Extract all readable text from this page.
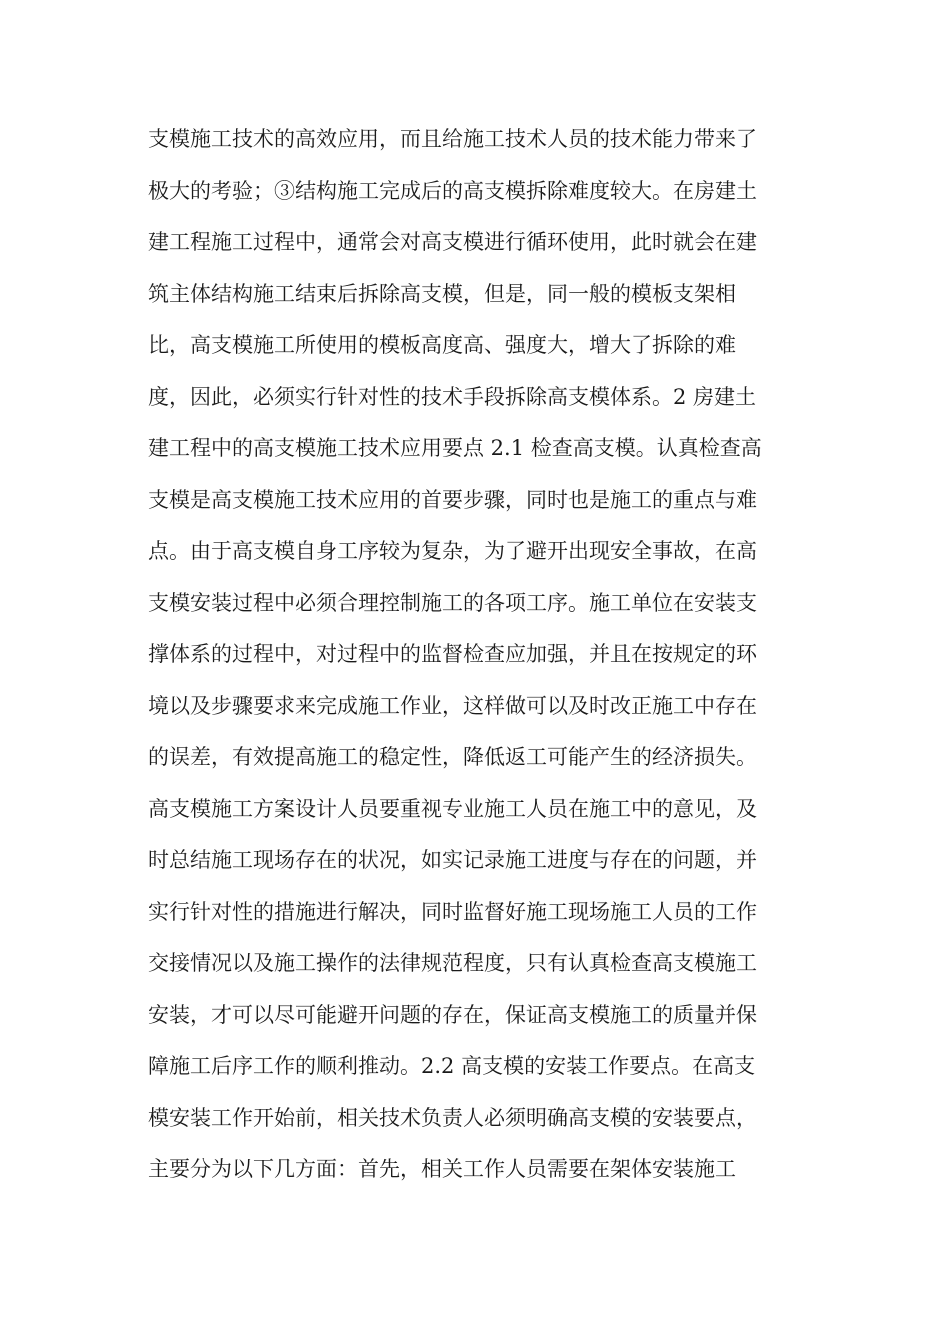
支模施工技术的高效应用，而且给施工技术人员的技术能力带来了
极大的考验；③结构施工完成后的高支模拆除难度较大。在房建土
建工程施工过程中，通常会对高支模进行循环使用，此时就会在建
筑主体结构施工结束后拆除高支模，但是，同一般的模板支架相
比，高支模施工所使用的模板高度高、强度大，增大了拆除的难
度，因此，必须实行针对性的技术手段拆除高支模体系。2 房建土
建工程中的高支模施工技术应用要点 2.1 检查高支模。认真检查高
支模是高支模施工技术应用的首要步骤，同时也是施工的重点与难
点。由于高支模自身工序较为复杂，为了避开出现安全事故，在高
支模安装过程中必须合理控制施工的各项工序。施工单位在安装支
撑体系的过程中，对过程中的监督检查应加强，并且在按规定的环
境以及步骤要求来完成施工作业，这样做可以及时改正施工中存在
的误差，有效提高施工的稳定性，降低返工可能产生的经济损失。
高支模施工方案设计人员要重视专业施工人员在施工中的意见，及
时总结施工现场存在的状况，如实记录施工进度与存在的问题，并
实行针对性的措施进行解决，同时监督好施工现场施工人员的工作
交接情况以及施工操作的法律规范程度，只有认真检查高支模施工
安装，才可以尽可能避开问题的存在，保证高支模施工的质量并保
障施工后序工作的顺利推动。2.2 高支模的安装工作要点。在高支
模安装工作开始前，相关技术负责人必须明确高支模的安装要点，
主要分为以下几方面：首先，相关工作人员需要在架体安装施工
